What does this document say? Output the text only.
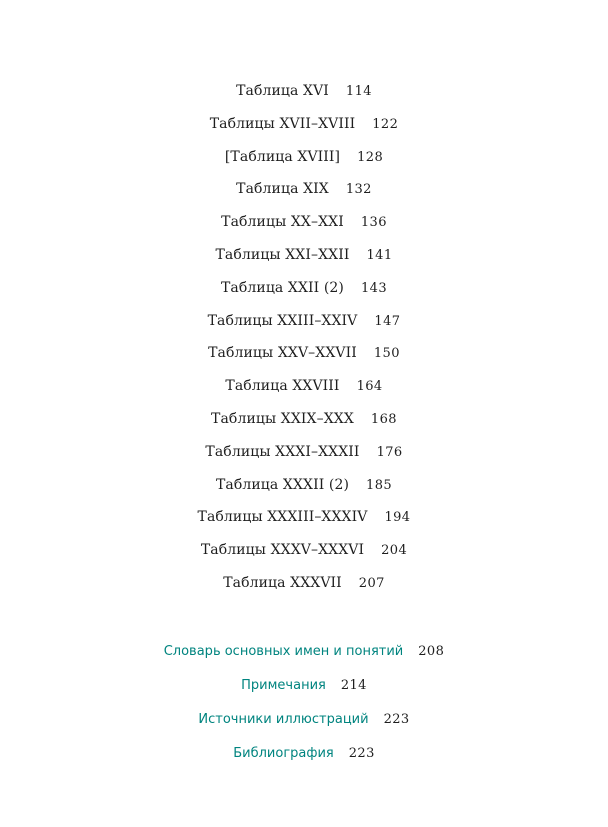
Таблица XVI 114
Таблицы XVII–XVIII 122
[Таблица XVIII] 128
Таблица XIX 132
Таблицы XX–XXI 136
Таблицы XXI–XXII 141
Таблица XXII (2) 143
Таблицы XXIII–XXIV 147
Таблицы XXV–XXVII 150
Таблица XXVIII 164
Таблицы XXIX–XXX 168
Таблицы XXXI–XXXII 176
Таблица XXXII (2) 185
Таблицы XXXIII–XXXIV 194
Таблицы XXXV–XXXVI 204
Таблица XXXVII 207
Словарь основных имен и понятий 208
Примечания 214
Источники иллюстраций 223
Библиография 223
